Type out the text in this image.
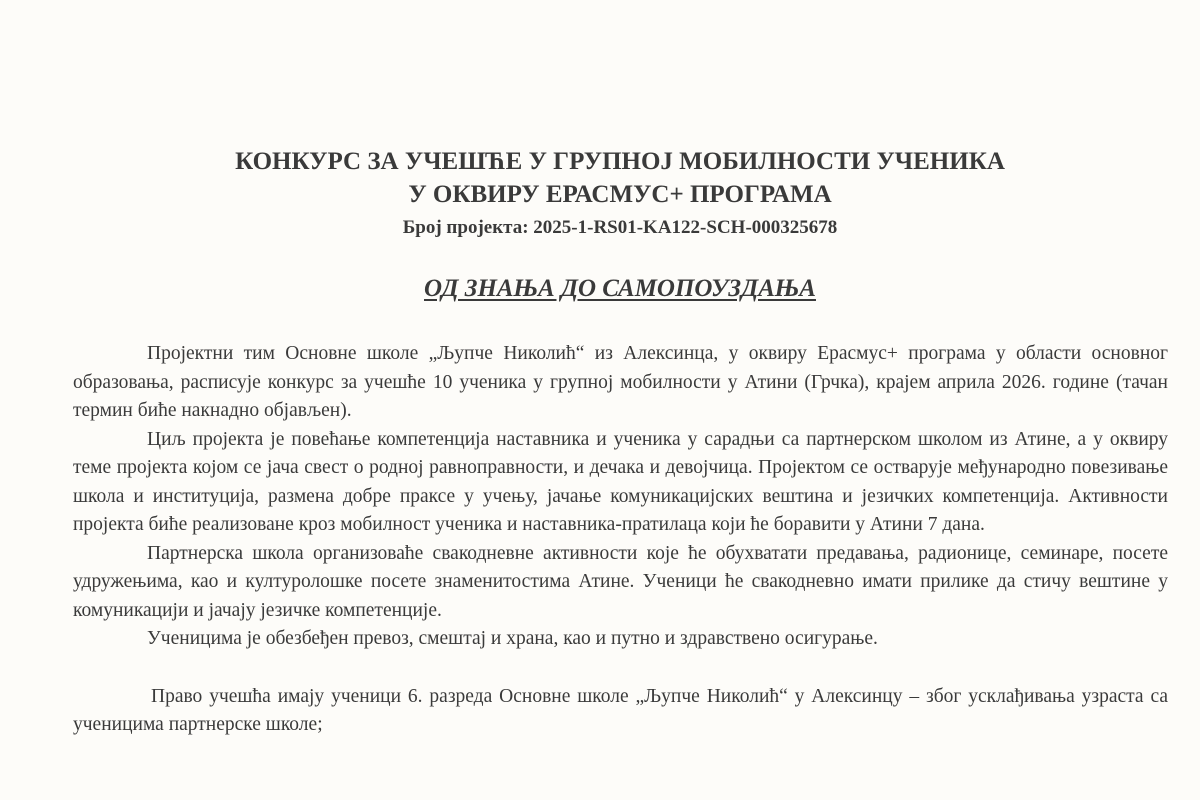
КОНКУРС ЗА УЧЕШЋЕ У ГРУПНОЈ МОБИЛНОСТИ УЧЕНИКА
У ОКВИРУ ЕРАСМУС+ ПРОГРАМА
Број пројекта: 2025-1-RS01-KA122-SCH-000325678
ОД ЗНАЊА ДО САМОПОУЗДАЊА

Пројектни тим Основне школе „Љупче Николић“ из Алексинца, у оквиру Ерасмус+ програма у области основног образовања, расписује конкурс за учешће 10 ученика у групној мобилности у Атини (Грчка), крајем априла 2026. године (тачан термин биће накнадно објављен).

Циљ пројекта је повећање компетенција наставника и ученика у сарадњи са партнерском школом из Атине, а у оквиру теме пројекта којом се јача свест о родној равноправности, и дечака и девојчица. Пројектом се остварује међународно повезивање школа и институција, размена добре праксе у учењу, јачање комуникацијских вештина и језичких компетенција. Активности пројекта биће реализоване кроз мобилност ученика и наставника-пратилаца који ће боравити у Атини 7 дана.

Партнерска школа организоваће свакодневне активности које ће обухватати предавања, радионице, семинаре, посете удружењима, као и културолошке посете знаменитостима Атине. Ученици ће свакодневно имати прилике да стичу вештине у комуникацији и јачају језичке компетенције.

Ученицима је обезбеђен превоз, смештај и храна, као и путно и здравствено осигурање.

Право учешћа имају ученици 6. разреда Основне школе „Љупче Николић“ у Алексинцу – због усклађивања узраста са ученицима партнерске школе;
